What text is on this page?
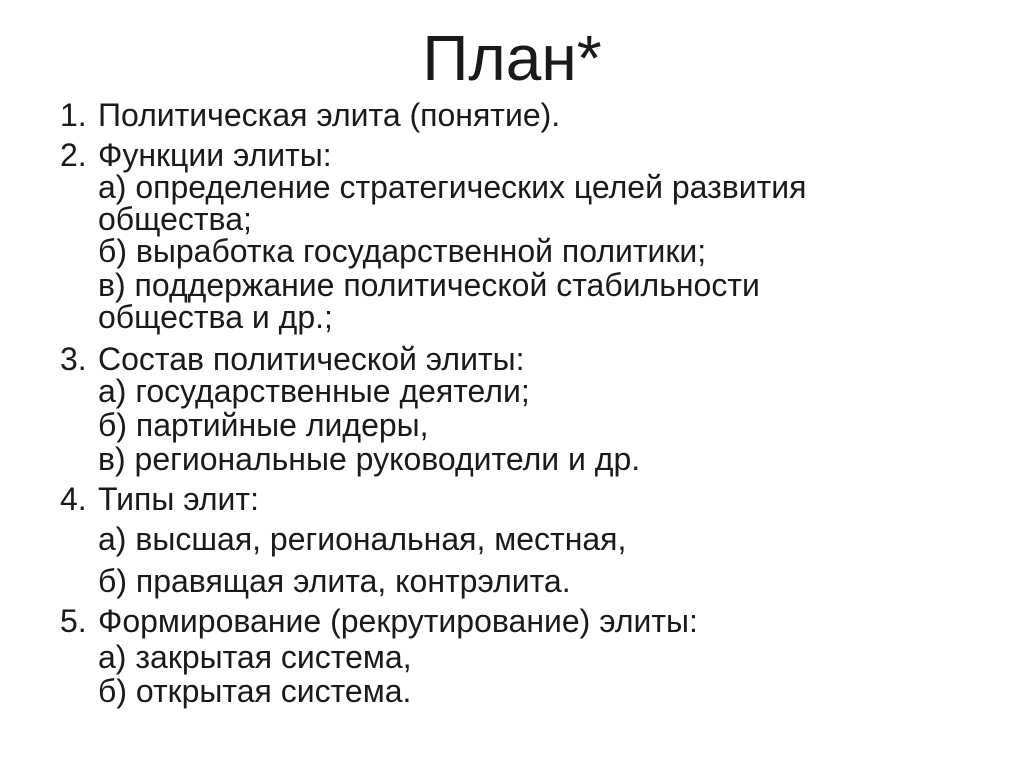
План*
1. Политическая элита (понятие).
2. Функции элиты:
а) определение стратегических целей развития
общества;
б) выработка государственной политики;
в) поддержание политической стабильности
общества и др.;
3. Состав политической элиты:
а) государственные деятели;
б) партийные лидеры,
в) региональные руководители и др.
4. Типы элит:
а) высшая, региональная, местная,
б) правящая элита, контрэлита.
5. Формирование (рекрутирование) элиты:
а) закрытая система,
б) открытая система.
